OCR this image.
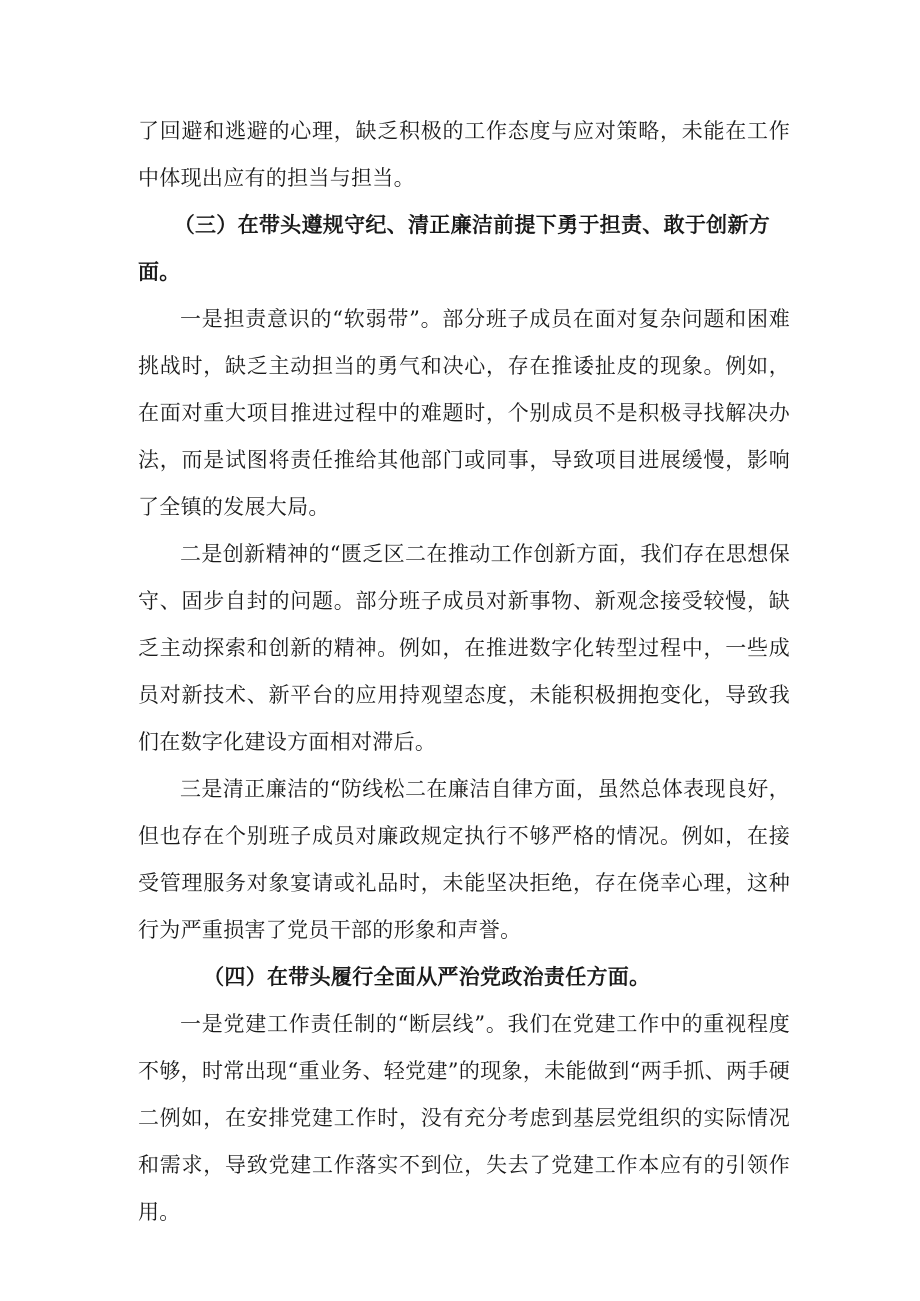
了回避和逃避的心理，缺乏积极的工作态度与应对策略，未能在工作中体现出应有的担当与担当。

（三）在带头遵规守纪、清正廉洁前提下勇于担责、敢于创新方面。

一是担责意识的“软弱带”。部分班子成员在面对复杂问题和困难挑战时，缺乏主动担当的勇气和决心，存在推诿扯皮的现象。例如，在面对重大项目推进过程中的难题时，个别成员不是积极寻找解决办法，而是试图将责任推给其他部门或同事，导致项目进展缓慢，影响了全镇的发展大局。

二是创新精神的“匮乏区二在推动工作创新方面，我们存在思想保守、固步自封的问题。部分班子成员对新事物、新观念接受较慢，缺乏主动探索和创新的精神。例如，在推进数字化转型过程中，一些成员对新技术、新平台的应用持观望态度，未能积极拥抱变化，导致我们在数字化建设方面相对滞后。

三是清正廉洁的“防线松二在廉洁自律方面，虽然总体表现良好，但也存在个别班子成员对廉政规定执行不够严格的情况。例如，在接受管理服务对象宴请或礼品时，未能坚决拒绝，存在侥幸心理，这种行为严重损害了党员干部的形象和声誉。

（四）在带头履行全面从严治党政治责任方面。

一是党建工作责任制的“断层线”。我们在党建工作中的重视程度不够，时常出现“重业务、轻党建”的现象，未能做到“两手抓、两手硬二例如，在安排党建工作时，没有充分考虑到基层党组织的实际情况和需求，导致党建工作落实不到位，失去了党建工作本应有的引领作用。
